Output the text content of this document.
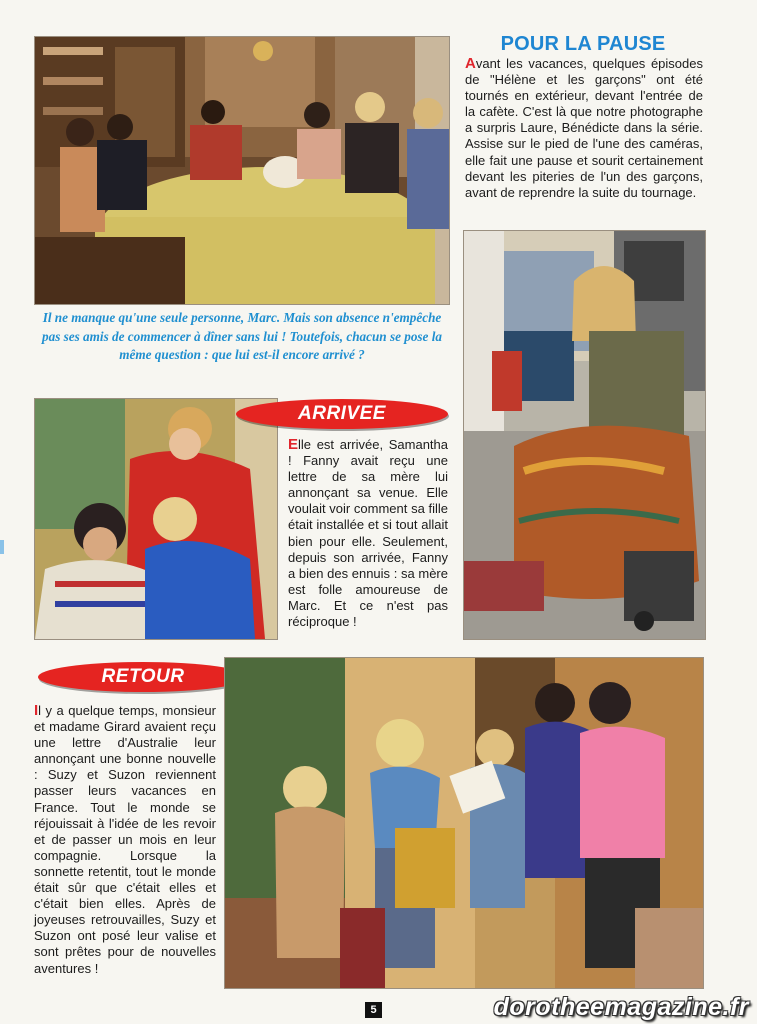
Il ne manque qu'une seule personne, Marc. Mais son absence n'empêche pas ses amis de commencer à dîner sans lui ! Toutefois, chacun se pose la même question : que lui est-il encore arrivé ?
POUR LA PAUSE
Avant les vacances, quelques épisodes de "Hélène et les garçons" ont été tournés en extérieur, devant l'entrée de la cafète. C'est là que notre photographe a surpris Laure, Bénédicte dans la série. Assise sur le pied de l'une des caméras, elle fait une pause et sourit certainement devant les piteries de l'un des garçons, avant de reprendre la suite du tournage.
ARRIVEE
Elle est arrivée, Samantha ! Fanny avait reçu une lettre de sa mère lui annonçant sa venue. Elle voulait voir comment sa fille était installée et si tout allait bien pour elle. Seulement, depuis son arrivée, Fanny a bien des ennuis : sa mère est folle amoureuse de Marc. Et ce n'est pas réciproque !
RETOUR
Il y a quelque temps, monsieur et madame Girard avaient reçu une lettre d'Australie leur annonçant une bonne nouvelle : Suzy et Suzon reviennent passer leurs vacances en France. Tout le monde se réjouissait à l'idée de les revoir et de passer un mois en leur compagnie. Lorsque la sonnette retentit, tout le monde était sûr que c'était elles et c'était bien elles. Après de joyeuses retrouvailles, Suzy et Suzon ont posé leur valise et sont prêtes pour de nouvelles aventures !
5	dorotheemagazine.fr
